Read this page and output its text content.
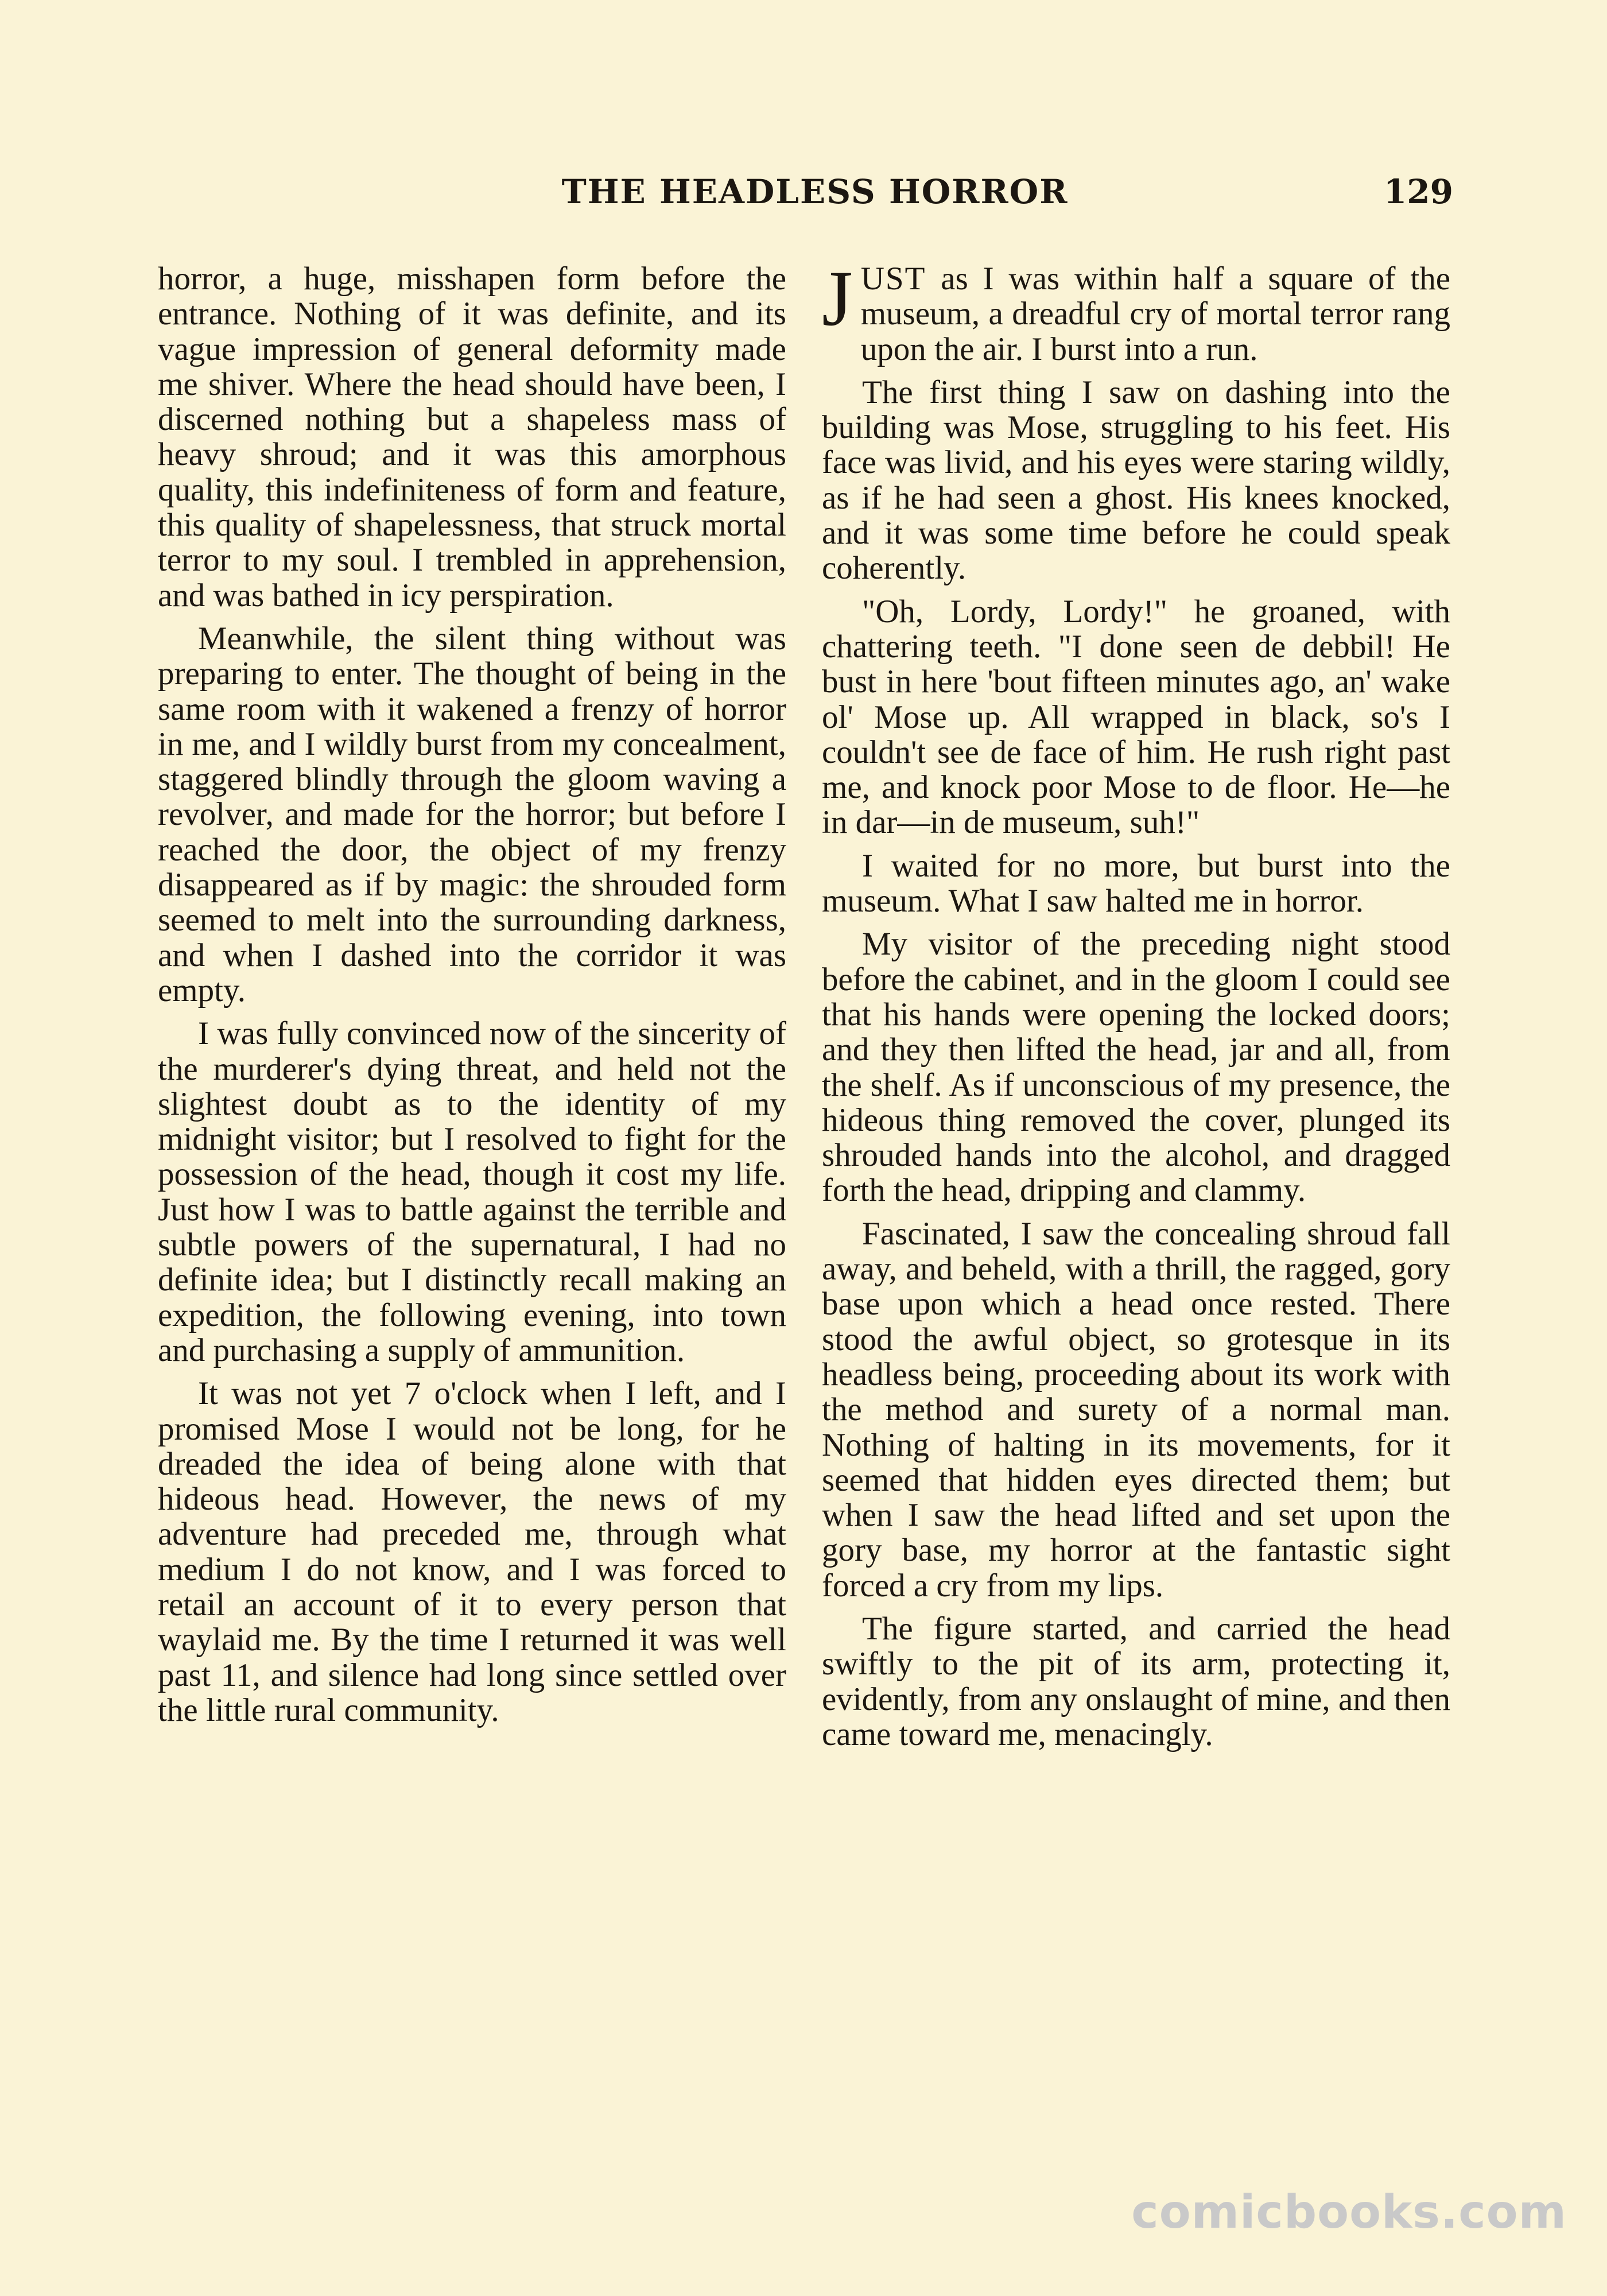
THE HEADLESS HORROR	129

horror, a huge, misshapen form before the entrance. Nothing of it was definite, and its vague impression of general deformity made me shiver. Where the head should have been, I discerned nothing but a shapeless mass of heavy shroud; and it was this amorphous quality, this indefiniteness of form and feature, this quality of shapelessness, that struck mortal terror to my soul. I trembled in apprehension, and was bathed in icy perspiration.

Meanwhile, the silent thing without was preparing to enter. The thought of being in the same room with it wakened a frenzy of horror in me, and I wildly burst from my concealment, staggered blindly through the gloom waving a revolver, and made for the horror; but before I reached the door, the object of my frenzy disappeared as if by magic: the shrouded form seemed to melt into the surrounding darkness, and when I dashed into the corridor it was empty.

I was fully convinced now of the sincerity of the murderer's dying threat, and held not the slightest doubt as to the identity of my midnight visitor; but I resolved to fight for the possession of the head, though it cost my life. Just how I was to battle against the terrible and subtle powers of the supernatural, I had no definite idea; but I distinctly recall making an expedition, the following evening, into town and purchasing a supply of ammunition.

It was not yet 7 o'clock when I left, and I promised Mose I would not be long, for he dreaded the idea of being alone with that hideous head. However, the news of my adventure had preceded me, through what medium I do not know, and I was forced to retail an account of it to every person that waylaid me. By the time I returned it was well past 11, and silence had long since settled over the little rural community.

JUST as I was within half a square of the museum, a dreadful cry of mortal terror rang upon the air. I burst into a run.

The first thing I saw on dashing into the building was Mose, struggling to his feet. His face was livid, and his eyes were staring wildly, as if he had seen a ghost. His knees knocked, and it was some time before he could speak coherently.

"Oh, Lordy, Lordy!" he groaned, with chattering teeth. "I done seen de debbil! He bust in here 'bout fifteen minutes ago, an' wake ol' Mose up. All wrapped in black, so's I couldn't see de face of him. He rush right past me, and knock poor Mose to de floor. He—he in dar—in de museum, suh!"

I waited for no more, but burst into the museum. What I saw halted me in horror.

My visitor of the preceding night stood before the cabinet, and in the gloom I could see that his hands were opening the locked doors; and they then lifted the head, jar and all, from the shelf. As if unconscious of my presence, the hideous thing removed the cover, plunged its shrouded hands into the alcohol, and dragged forth the head, dripping and clammy.

Fascinated, I saw the concealing shroud fall away, and beheld, with a thrill, the ragged, gory base upon which a head once rested. There stood the awful object, so grotesque in its headless being, proceeding about its work with the method and surety of a normal man. Nothing of halting in its movements, for it seemed that hidden eyes directed them; but when I saw the head lifted and set upon the gory base, my horror at the fantastic sight forced a cry from my lips.

The figure started, and carried the head swiftly to the pit of its arm, protecting it, evidently, from any onslaught of mine, and then came toward me, menacingly.

comicbooks.com
